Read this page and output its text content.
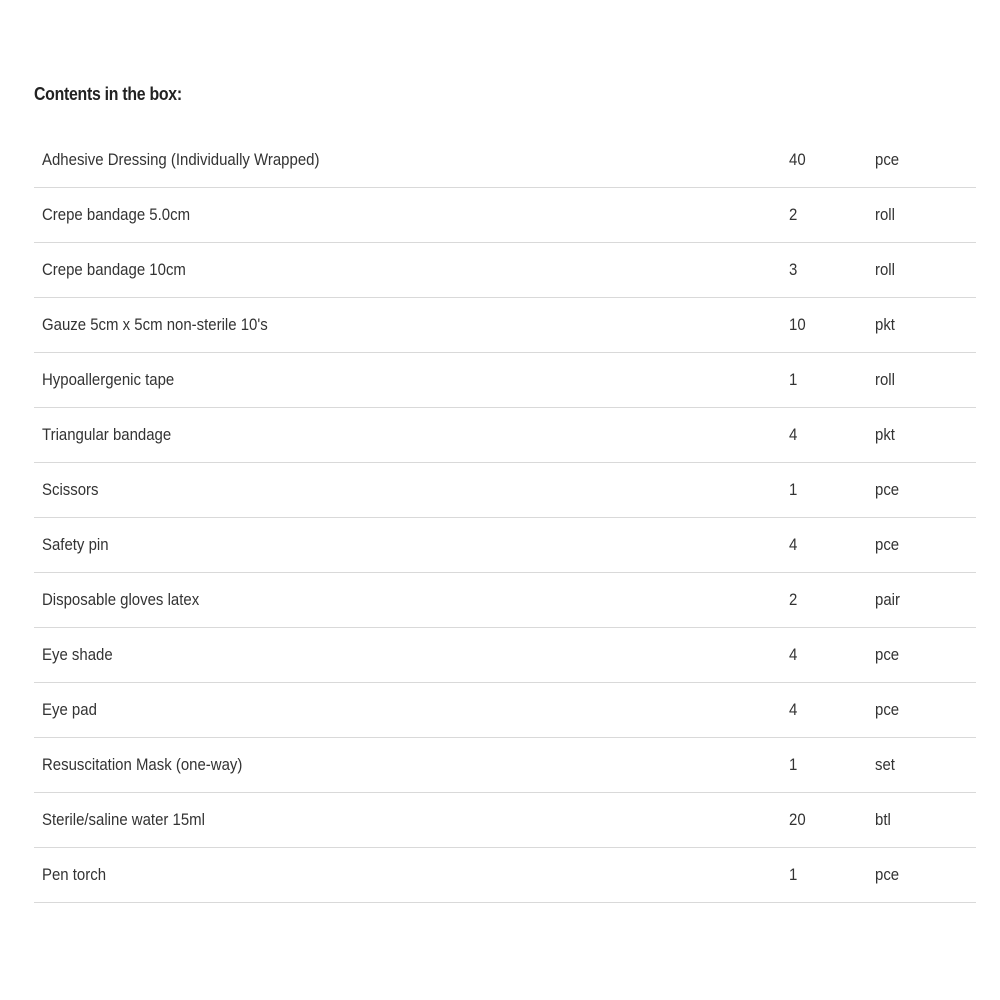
Contents in the box:
Adhesive Dressing (Individually Wrapped)	40	pce
Crepe bandage 5.0cm	2	roll
Crepe bandage 10cm	3	roll
Gauze 5cm x 5cm non-sterile 10's	10	pkt
Hypoallergenic tape	1	roll
Triangular bandage	4	pkt
Scissors	1	pce
Safety pin	4	pce
Disposable gloves latex	2	pair
Eye shade	4	pce
Eye pad	4	pce
Resuscitation Mask (one-way)	1	set
Sterile/saline water 15ml	20	btl
Pen torch	1	pce
